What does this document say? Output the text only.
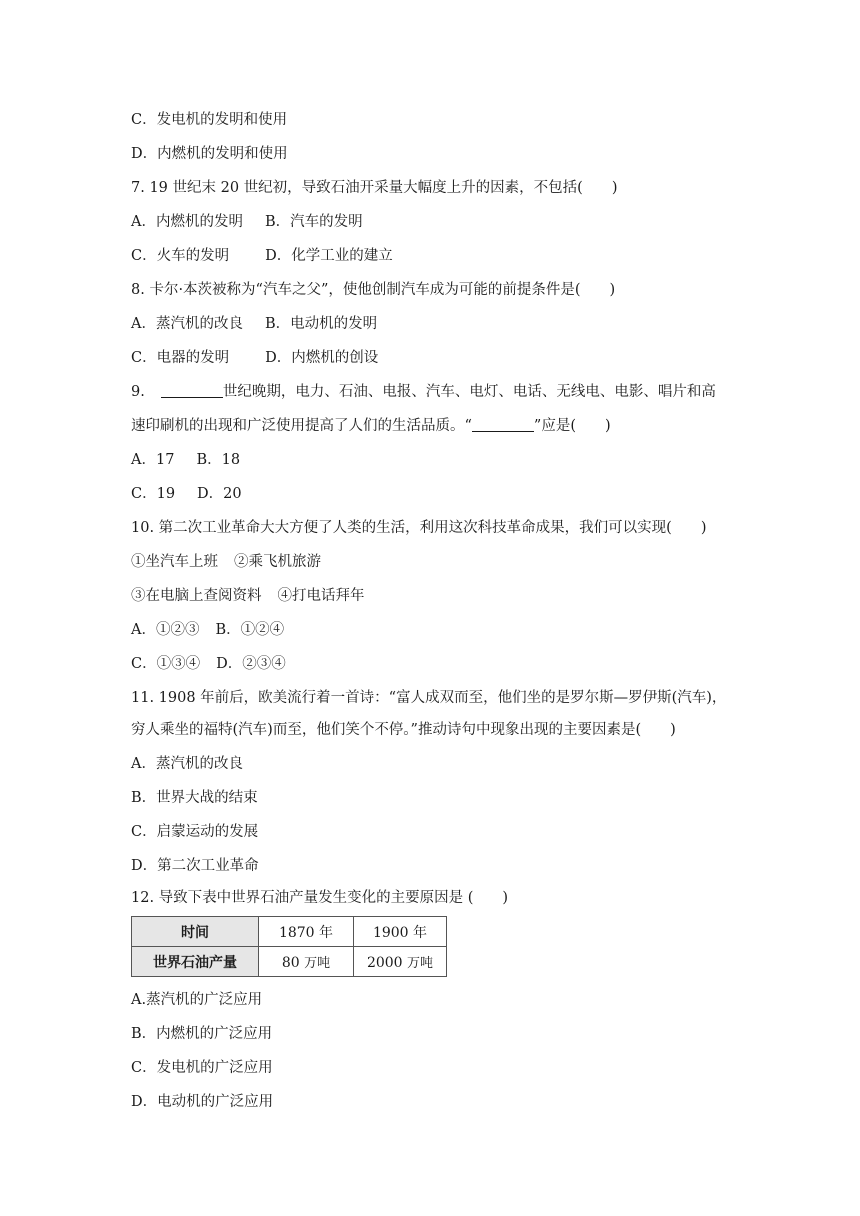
C．发电机的发明和使用
D．内燃机的发明和使用
7. 19 世纪末 20 世纪初，导致石油开采量大幅度上升的因素，不包括(　　)
A．内燃机的发明 B．汽车的发明
C．火车的发明 D．化学工业的建立
8. 卡尔·本茨被称为“汽车之父”，使他创制汽车成为可能的前提条件是(　　)
A．蒸汽机的改良 B．电动机的发明
C．电器的发明 D．内燃机的创设
9.	世纪晚期，电力、石油、电报、汽车、电灯、电话、无线电、电影、唱片和高
速印刷机的出现和广泛使用提高了人们的生活品质。“	”应是(　　)
A．17 B．18
C．19 D．20
10. 第二次工业革命大大方便了人类的生活，利用这次科技革命成果，我们可以实现(　　)
①坐汽车上班 ②乘飞机旅游
③在电脑上查阅资料 ④打电话拜年
A．①②③ B．①②④
C．①③④ D．②③④
11. 1908 年前后，欧美流行着一首诗：“富人成双而至，他们坐的是罗尔斯—罗伊斯(汽车)，
穷人乘坐的福特(汽车)而至，他们笑个不停。”推动诗句中现象出现的主要因素是(　　)
A．蒸汽机的改良
B．世界大战的结束
C．启蒙运动的发展
D．第二次工业革命
12. 导致下表中世界石油产量发生变化的主要原因是 (　　)
时间	1870 年	1900 年
世界石油产量	80 万吨	2000 万吨
A.蒸汽机的广泛应用
B．内燃机的广泛应用
C．发电机的广泛应用
D．电动机的广泛应用
